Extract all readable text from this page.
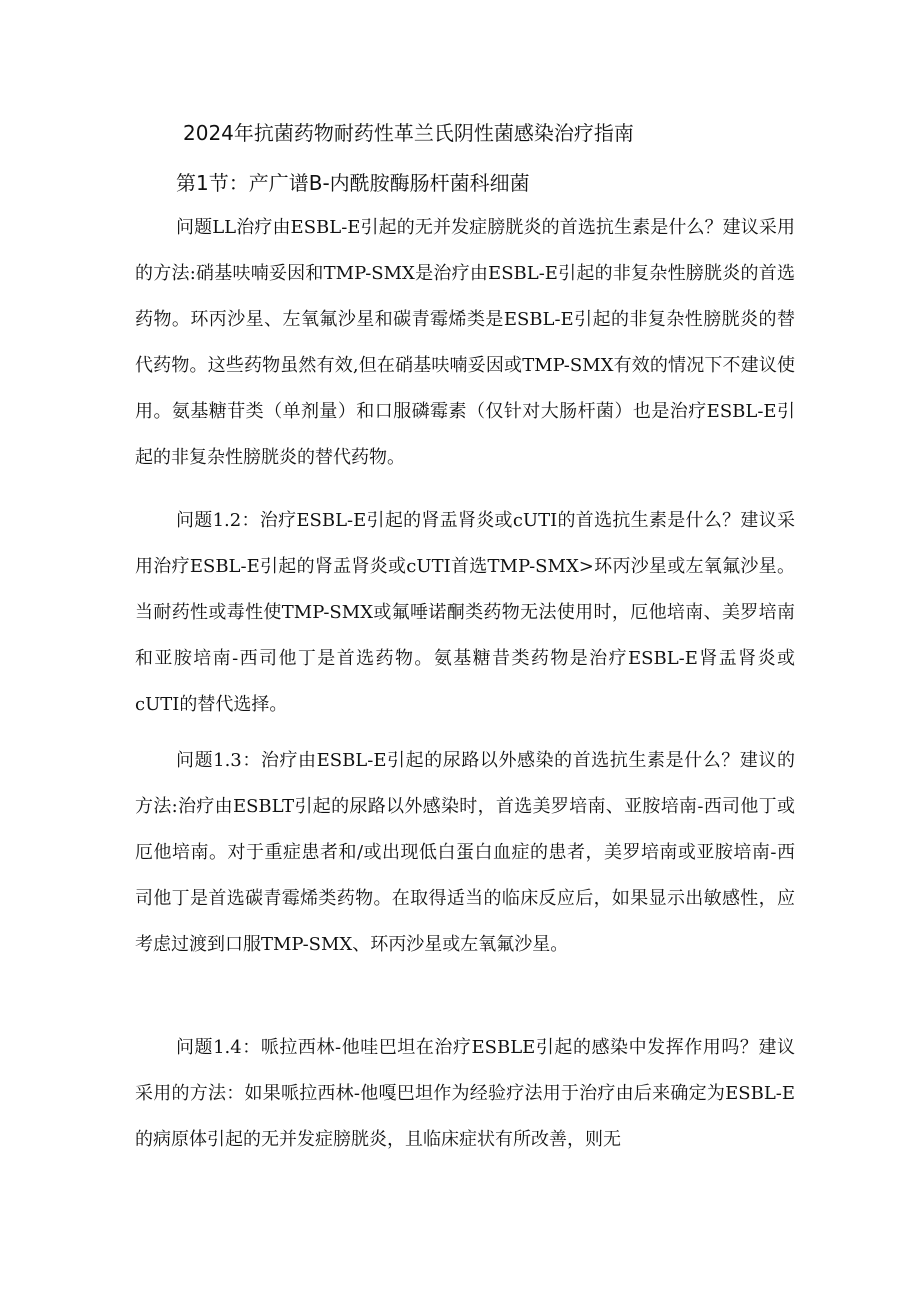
2024年抗菌药物耐药性革兰氏阴性菌感染治疗指南
第1节：产广谱B-内酰胺酶肠杆菌科细菌

问题LL治疗由ESBL-E引起的无并发症膀胱炎的首选抗生素是什么？建议采用的方法:硝基呋喃妥因和TMP-SMX是治疗由ESBL-E引起的非复杂性膀胱炎的首选药物。环丙沙星、左氧氟沙星和碳青霉烯类是ESBL-E引起的非复杂性膀胱炎的替代药物。这些药物虽然有效,但在硝基呋喃妥因或TMP-SMX有效的情况下不建议使用。氨基糖苷类（单剂量）和口服磷霉素（仅针对大肠杆菌）也是治疗ESBL-E引起的非复杂性膀胱炎的替代药物。

问题1.2：治疗ESBL-E引起的肾盂肾炎或cUTI的首选抗生素是什么？建议采用治疗ESBL-E引起的肾盂肾炎或cUTI首选TMP-SMX>环丙沙星或左氧氟沙星。当耐药性或毒性使TMP-SMX或氟唾诺酮类药物无法使用时，厄他培南、美罗培南和亚胺培南-西司他丁是首选药物。氨基糖昔类药物是治疗ESBL-E肾盂肾炎或cUTI的替代选择。

问题1.3：治疗由ESBL-E引起的尿路以外感染的首选抗生素是什么？建议的方法:治疗由ESBLT引起的尿路以外感染时，首选美罗培南、亚胺培南-西司他丁或厄他培南。对于重症患者和/或出现低白蛋白血症的患者，美罗培南或亚胺培南-西司他丁是首选碳青霉烯类药物。在取得适当的临床反应后，如果显示出敏感性，应考虑过渡到口服TMP-SMX、环丙沙星或左氧氟沙星。

问题1.4：哌拉西林-他哇巴坦在治疗ESBLE引起的感染中发挥作用吗？建议采用的方法：如果哌拉西林-他嘎巴坦作为经验疗法用于治疗由后来确定为ESBL-E的病原体引起的无并发症膀胱炎，且临床症状有所改善，则无
